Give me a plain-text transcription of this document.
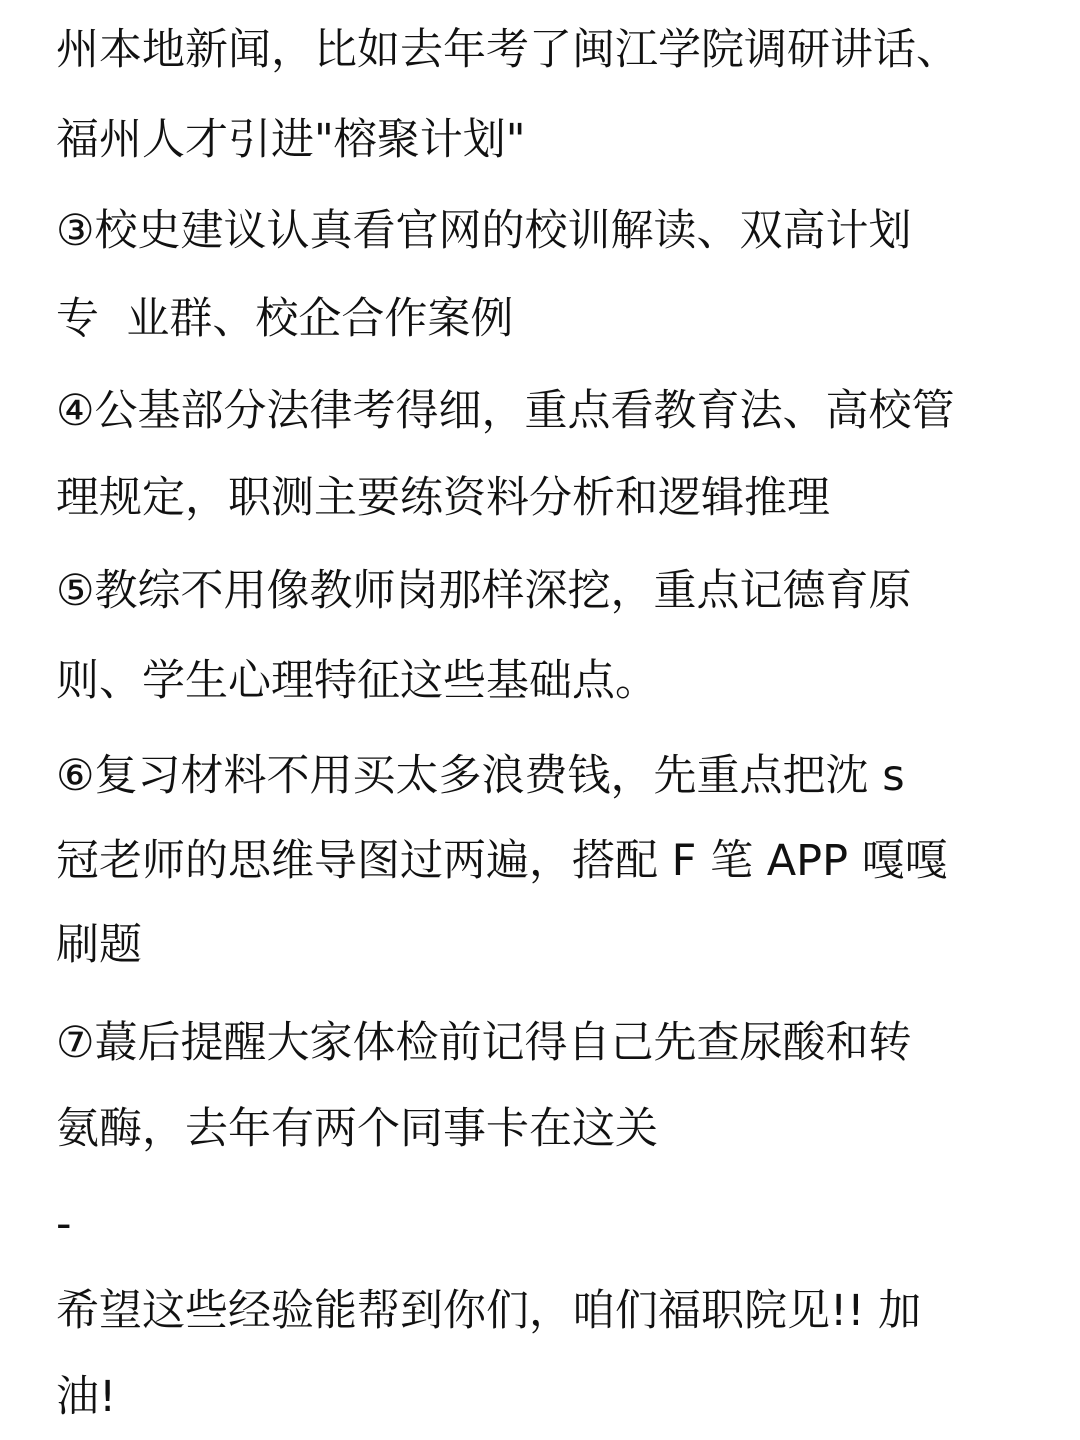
州本地新闻，比如去年考了闽江学院调研讲话、
福州人才引进"榕聚计划"
③校史建议认真看官网的校训解读、双高计划
专  业群、校企合作案例
④公基部分法律考得细，重点看教育法、高校管
理规定，职测主要练资料分析和逻辑推理
⑤教综不用像教师岗那样深挖，重点记德育原
则、学生心理特征这些基础点。
⑥复习材料不用买太多浪费钱，先重点把沈 s
冠老师的思维导图过两遍，搭配 F 笔 APP 嘎嘎
刷题
⑦蕞后提醒大家体检前记得自己先查尿酸和转
氨酶，去年有两个同事卡在这关
-
希望这些经验能帮到你们，咱们福职院见!! 加
油!
